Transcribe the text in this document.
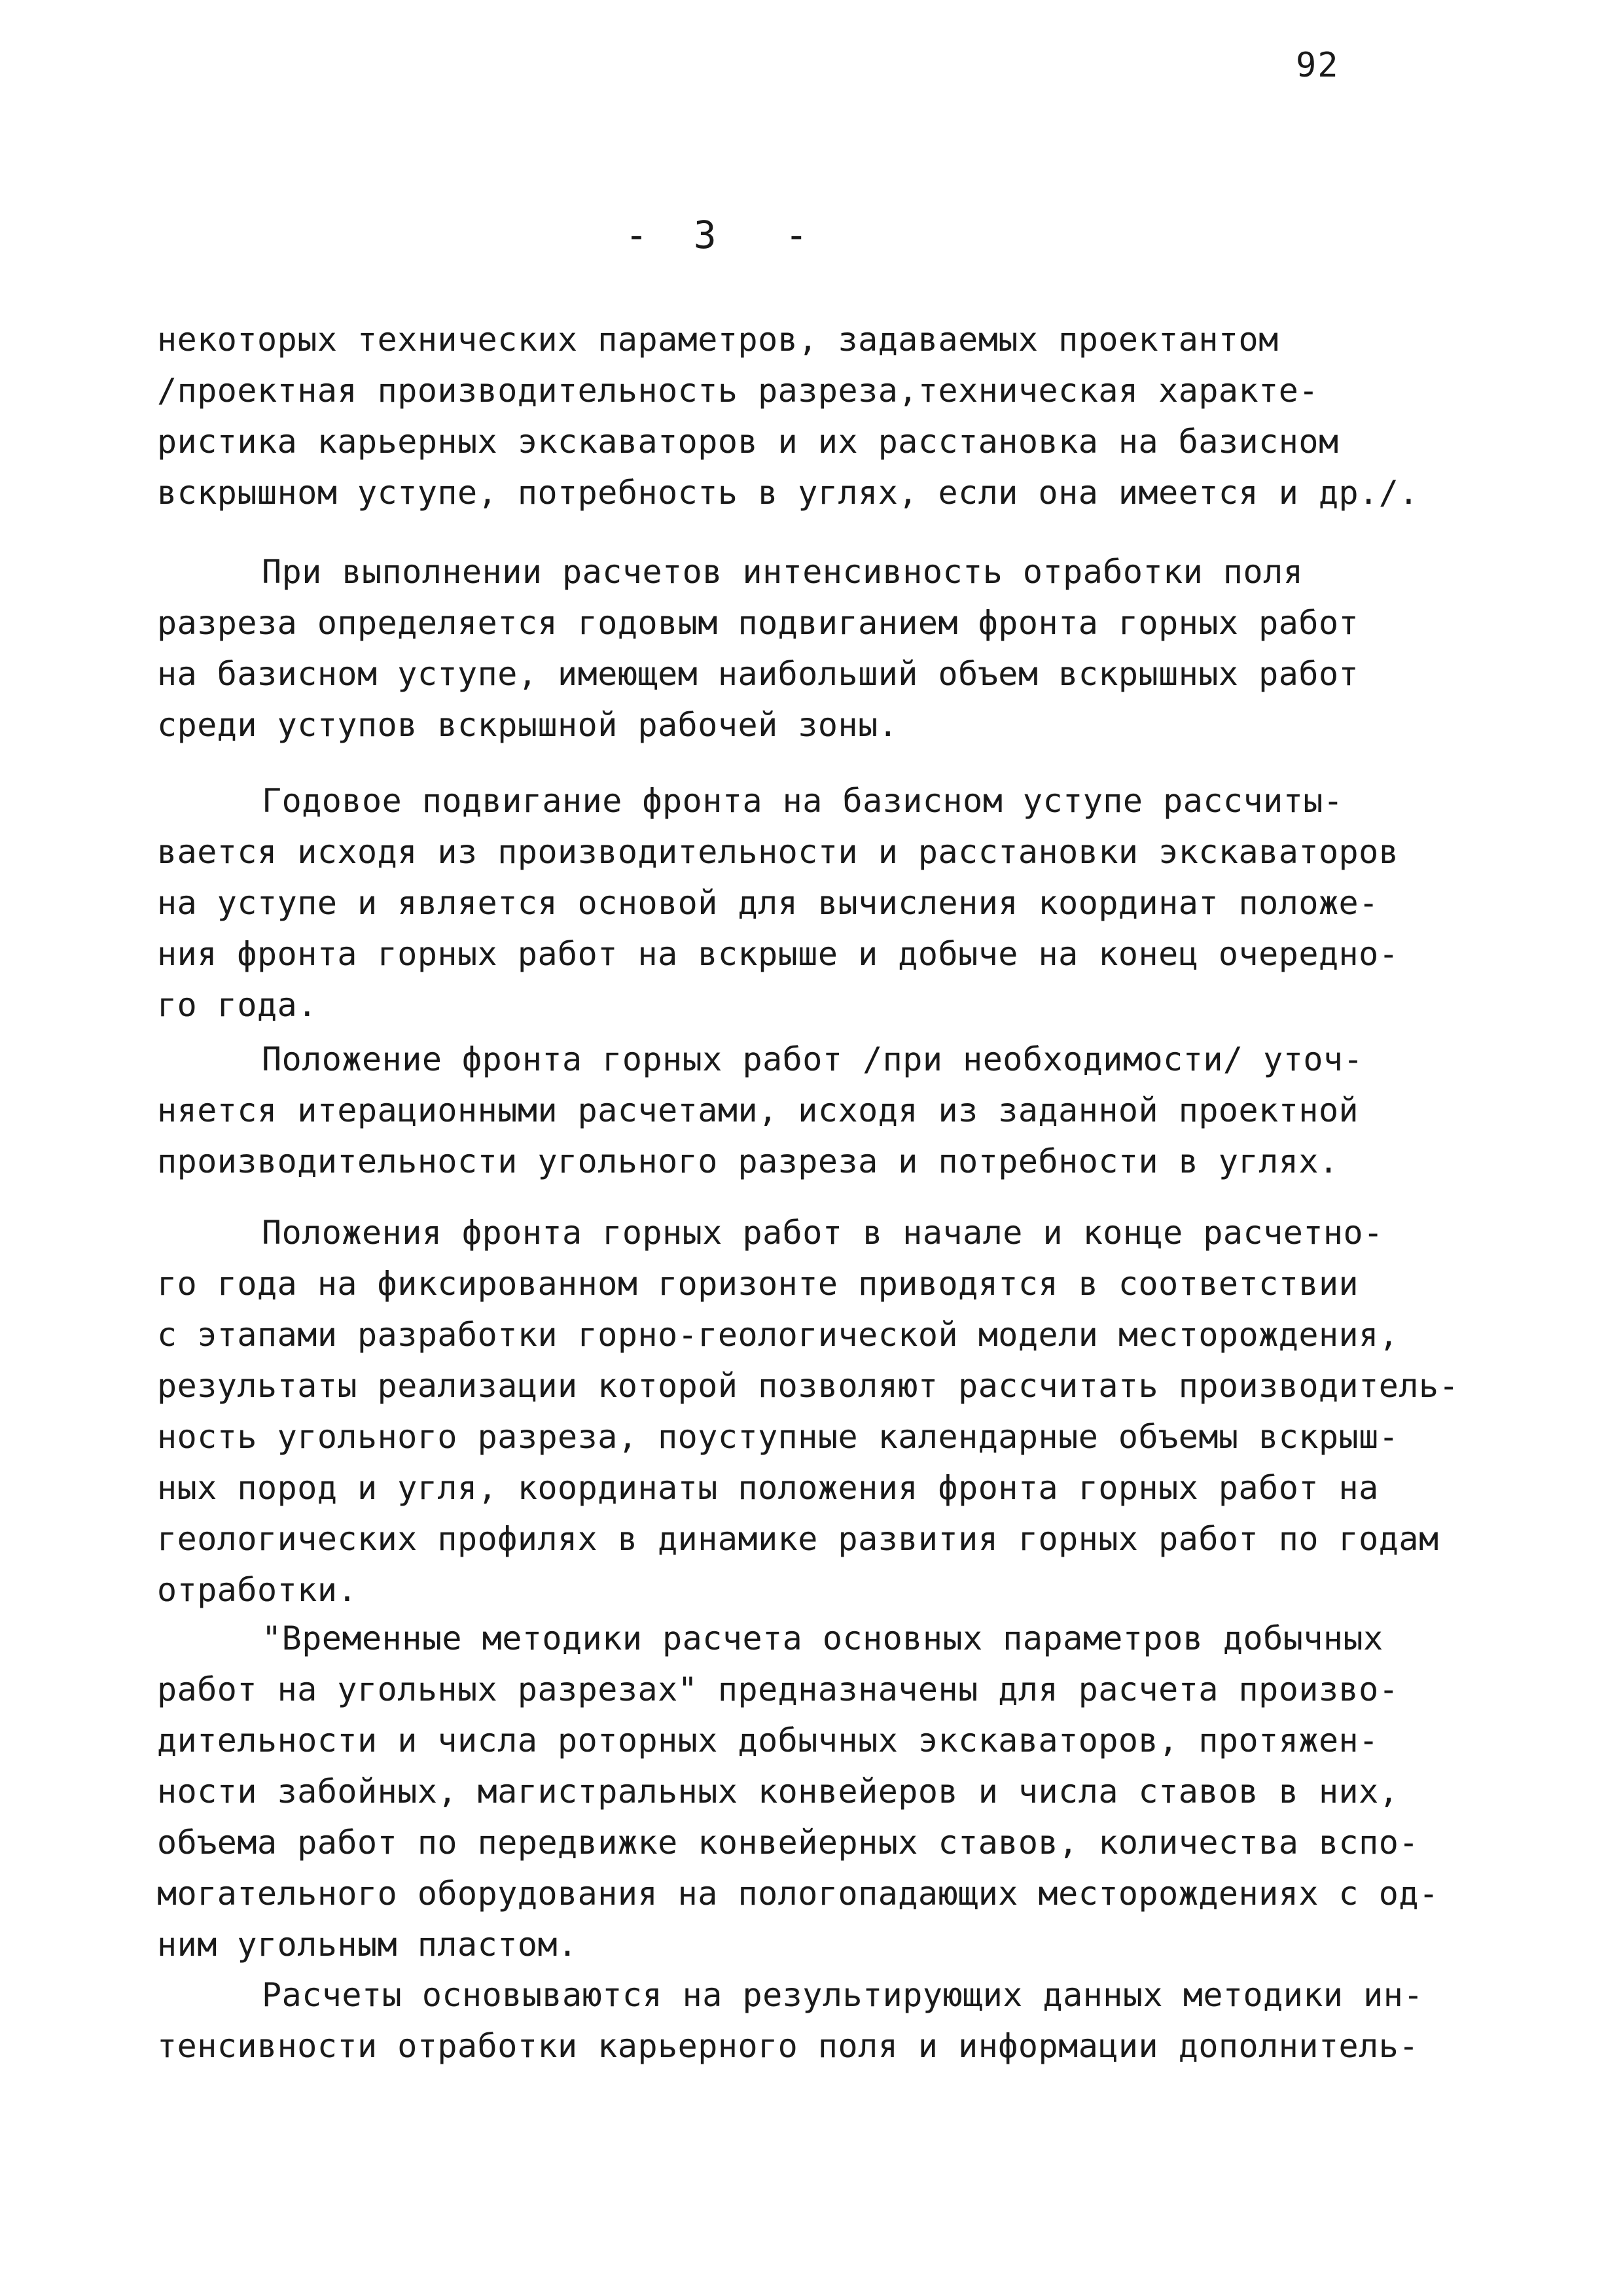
92
-  3   -
некоторых технических параметров, задаваемых проектантом
/проектная производительность разреза,техническая характе-
ристика карьерных экскаваторов и их расстановка на базисном
вскрышном уступе, потребность в углях, если она имеется и др./.
При выполнении расчетов интенсивность отработки поля
разреза определяется годовым подвиганием фронта горных работ
на базисном уступе, имеющем наибольший объем вскрышных работ
среди уступов вскрышной рабочей зоны.
Годовое подвигание фронта на базисном уступе рассчиты-
вается исходя из производительности и расстановки экскаваторов
на уступе и является основой для вычисления координат положе-
ния фронта горных работ на вскрыше и добыче на конец очередно-
го года.
Положение фронта горных работ /при необходимости/ уточ-
няется итерационными расчетами, исходя из заданной проектной
производительности угольного разреза и потребности в углях.
Положения фронта горных работ в начале и конце расчетно-
го года на фиксированном горизонте приводятся в соответствии
с этапами разработки горно-геологической модели месторождения,
результаты реализации которой позволяют рассчитать производитель-
ность угольного разреза, поуступные календарные объемы вскрыш-
ных пород и угля, координаты положения фронта горных работ на
геологических профилях в динамике развития горных работ по годам
отработки.
"Временные методики расчета основных параметров добычных
работ на угольных разрезах" предназначены для расчета произво-
дительности и числа роторных добычных экскаваторов, протяжен-
ности забойных, магистральных конвейеров и числа ставов в них,
объема работ по передвижке конвейерных ставов, количества вспо-
могательного оборудования на пологопадающих месторождениях с од-
ним угольным пластом.
Расчеты основываются на результирующих данных методики ин-
тенсивности отработки карьерного поля и информации дополнитель-
